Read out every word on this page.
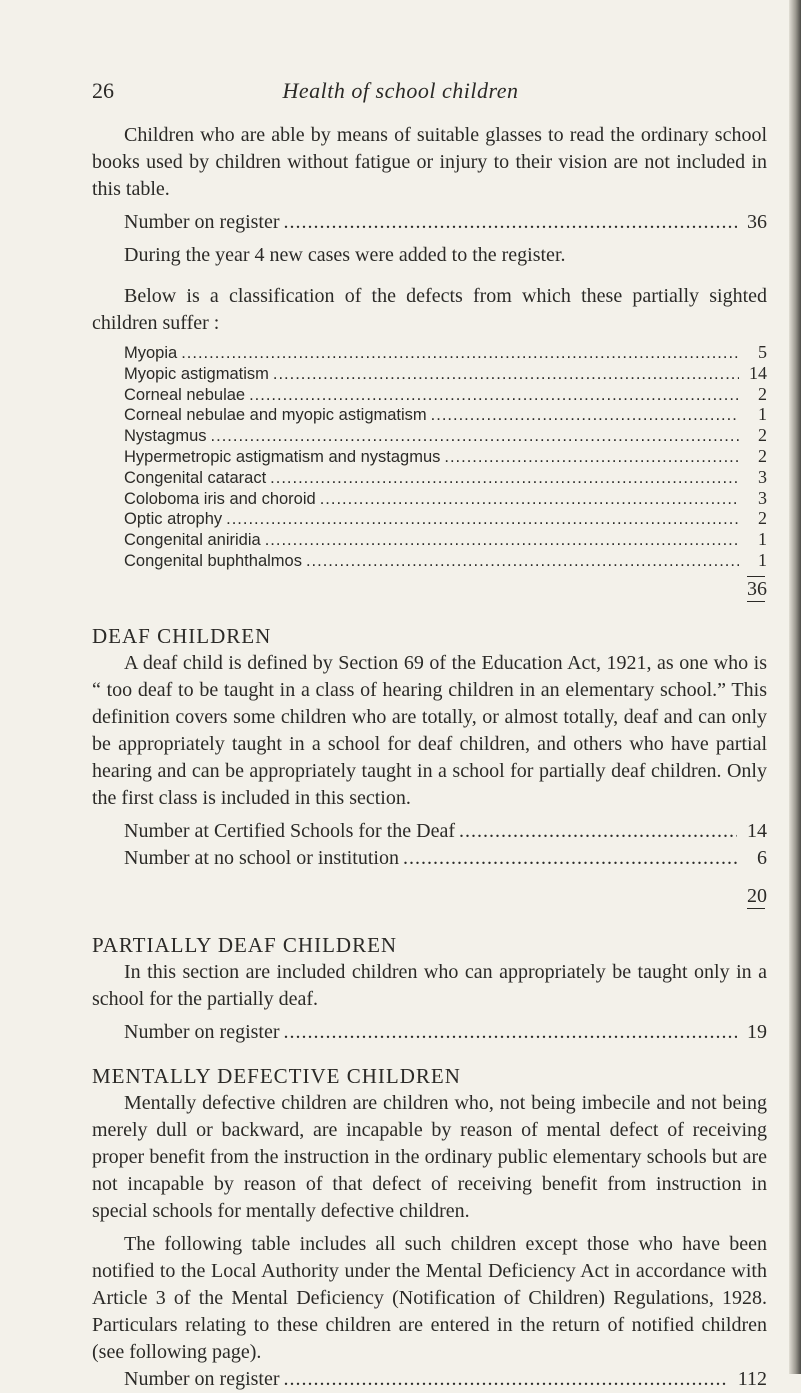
Health of school children
26

Children who are able by means of suitable glasses to read the ordinary school books used by children without fatigue or injury to their vision are not included in this table.

Number on register .....	36

During the year 4 new cases were added to the register.

Below is a classification of the defects from which these partially sighted children suffer :

Myopia .....	5
Myopic astigmatism .....	14
Corneal nebulae .....	2
Corneal nebulae and myopic astigmatism .....	1
Nystagmus .....	2
Hypermetropic astigmatism and nystagmus .....	2
Congenital cataract .....	3
Coloboma iris and choroid .....	3
Optic atrophy .....	2
Congenital aniridia .....	1
Congenital buphthalmos .....	1
36
DEAF CHILDREN

A deaf child is defined by Section 69 of the Education Act, 1921, as one who is “ too deaf to be taught in a class of hearing children in an elementary school.” This definition covers some children who are totally, or almost totally, deaf and can only be appropriately taught in a school for deaf children, and others who have partial hearing and can be appropriately taught in a school for partially deaf children. Only the first class is included in this section.

Number at Certified Schools for the Deaf .....	14
Number at no school or institution .....	6
20
PARTIALLY DEAF CHILDREN

In this section are included children who can appropriately be taught only in a school for the partially deaf.

Number on register .....	19
MENTALLY DEFECTIVE CHILDREN

Mentally defective children are children who, not being imbecile and not being merely dull or backward, are incapable by reason of mental defect of receiving proper benefit from the instruction in the ordinary public elementary schools but are not incapable by reason of that defect of receiving benefit from instruction in special schools for mentally defective children.

The following table includes all such children except those who have been notified to the Local Authority under the Mental Deficiency Act in accordance with Article 3 of the Mental Deficiency (Notification of Children) Regulations, 1928. Particulars relating to these children are entered in the return of notified children (see following page).

Number on register .....	112
